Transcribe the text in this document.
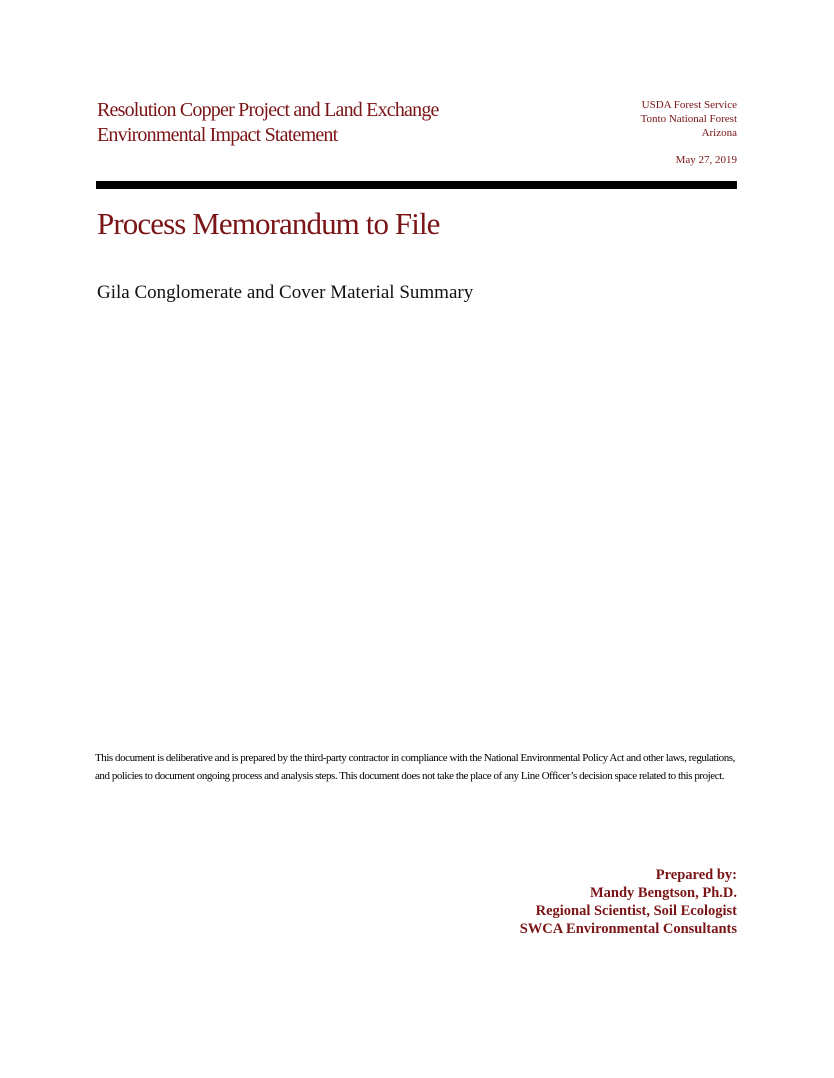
Resolution Copper Project and Land Exchange
Environmental Impact Statement
USDA Forest Service
Tonto National Forest
Arizona
May 27, 2019
Process Memorandum to File
Gila Conglomerate and Cover Material Summary
This document is deliberative and is prepared by the third-party contractor in compliance with the National Environmental Policy Act and other laws, regulations, and policies to document ongoing process and analysis steps. This document does not take the place of any Line Officer’s decision space related to this project.
Prepared by:
Mandy Bengtson, Ph.D.
Regional Scientist, Soil Ecologist
SWCA Environmental Consultants
